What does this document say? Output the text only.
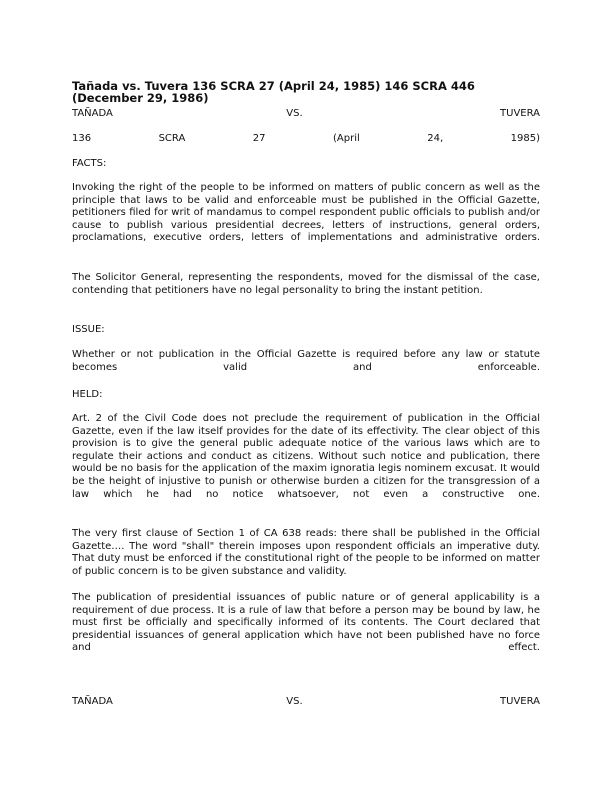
Tañada vs. Tuvera 136 SCRA 27 (April 24, 1985) 146 SCRA 446 (December 29, 1986)

TAÑADA	VS.	TUVERA
136	SCRA	27	(April	24,	1985)

FACTS:

Invoking the right of the people to be informed on matters of public concern as well as the principle that laws to be valid and enforceable must be published in the Official Gazette, petitioners filed for writ of mandamus to compel respondent public officials to publish and/or cause to publish various presidential decrees, letters of instructions, general orders, proclamations, executive orders, letters of implementations and administrative orders.

The Solicitor General, representing the respondents, moved for the dismissal of the case, contending that petitioners have no legal personality to bring the instant petition.

ISSUE:

Whether or not publication in the Official Gazette is required before any law or statute becomes valid and enforceable.

HELD:

Art. 2 of the Civil Code does not preclude the requirement of publication in the Official Gazette, even if the law itself provides for the date of its effectivity. The clear object of this provision is to give the general public adequate notice of the various laws which are to regulate their actions and conduct as citizens. Without such notice and publication, there would be no basis for the application of the maxim ignoratia legis nominem excusat. It would be the height of injustive to punish or otherwise burden a citizen for the transgression of a law which he had no notice whatsoever, not even a constructive one.

The very first clause of Section 1 of CA 638 reads: there shall be published in the Official Gazette…. The word "shall" therein imposes upon respondent officials an imperative duty. That duty must be enforced if the constitutional right of the people to be informed on matter of public concern is to be given substance and validity.

The publication of presidential issuances of public nature or of general applicability is a requirement of due process. It is a rule of law that before a person may be bound by law, he must first be officially and specifically informed of its contents. The Court declared that presidential issuances of general application which have not been published have no force and effect.

TAÑADA	VS.	TUVERA
